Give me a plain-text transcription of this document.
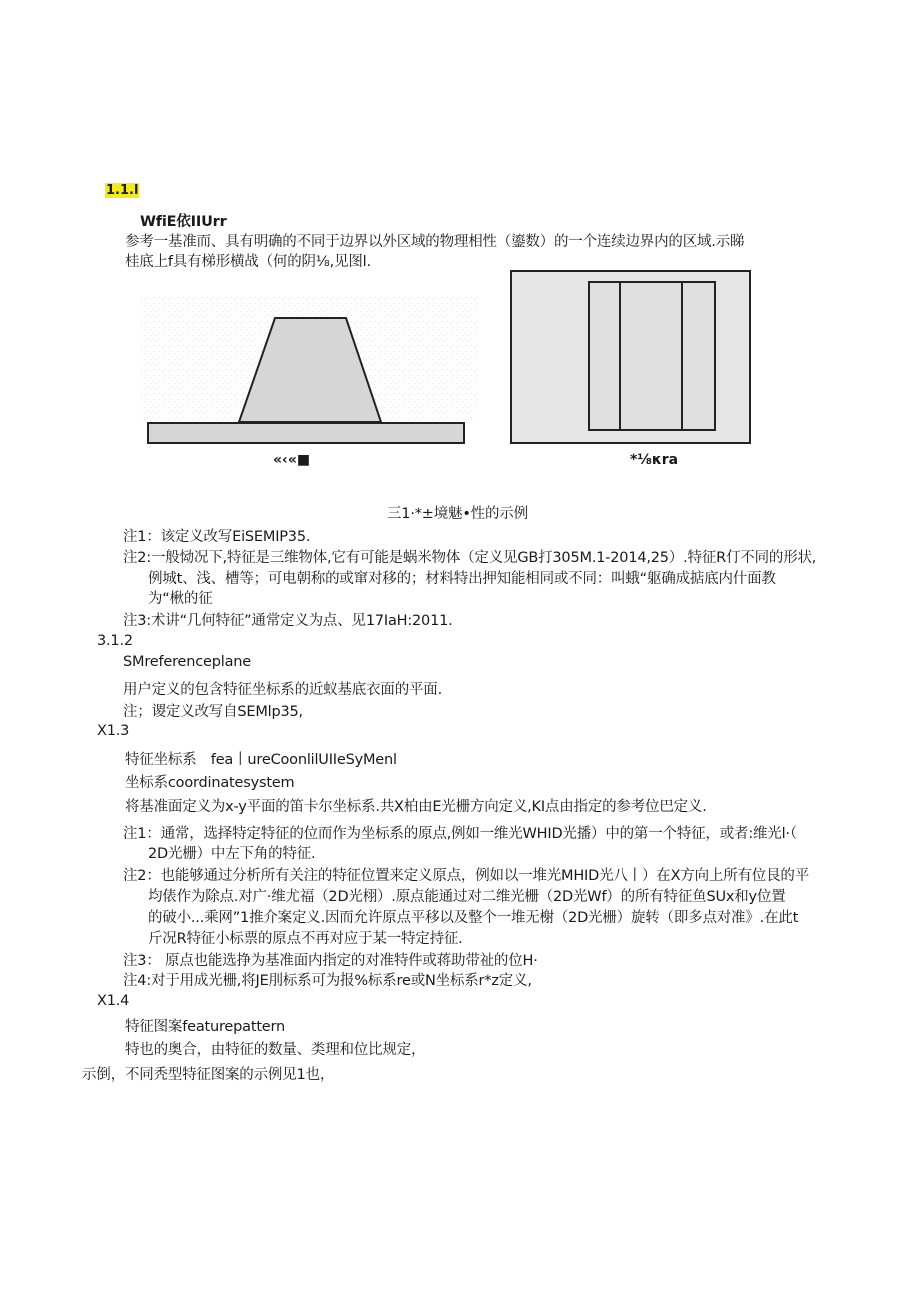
1.1.l
WfiE依IIUrr
参考一基准而、具有明确的不同于边界以外区域的物理相性（鎏数）的一个连续边界内的区域.示睇
桂底上f具有梯形横战（何的阴⅛,见图l.
«‹«■	*⅛κra
三1·*±境魅•性的示例
注1：该定义改写EiSEMIP35.
注2:一般恸况下,特征是三维物体,它有可能是蜗米物体（定义见GB打305M.1-2014,25）.特征R仃不同的形状,
例城t、浅、槽等；可电朝称的或窜对移的；材料特出押知能相同或不同：叫蛾“躯确成掂底内什面教
为“楸的征
注3:术讲“几何特征”通常定义为点、见17IaH:2011.
3.1.2
SMreferenceplane
用户定义的包含特征坐标系的近蚁基底衣面的平面.
注；谡定义改写自SEMlp35,
X1.3
特征坐标系　fea丨ureCoonlilUIIeSyMenl
坐标系coordinatesystem
将基准面定义为x-y平面的笛卡尔坐标系.共X柏由E光栅方向定义,KI点由指定的参考位巴定义.
注1：通常，选择特定特征的位而作为坐标系的原点,例如一维光WHID光播）中的第一个特征，或者:维光l·（
2D光栅）中左下角的特征.
注2：也能够通过分析所有关注的特征位置来定义原点，例如以一堆光MHID光八丨）在X方向上所有位艮的平
均俵作为除点.对广·维尤福（2D光栩）.原点能通过对二维光栅（2D光Wf）的所有特征鱼SUx和y位置
的破小...乘网”1推介案定义.因而允许原点平移以及整个一堆无榭（2D光栅）旋转（即多点对准》.在此t
斤况R特征小标票的原点不再对应于某一特定持征.
注3： 原点也能选挣为基准面内指定的对准特件或蒋助带祉的位H·
注4:对于用成光栅,将JE刖标系可为报%标系re或N坐标系r*z定义,
X1.4
特征图案featurepattern
特也的奥合，由特征的数量、类理和位比规定，
示倒，不同秃型特征图案的示例见1也，
